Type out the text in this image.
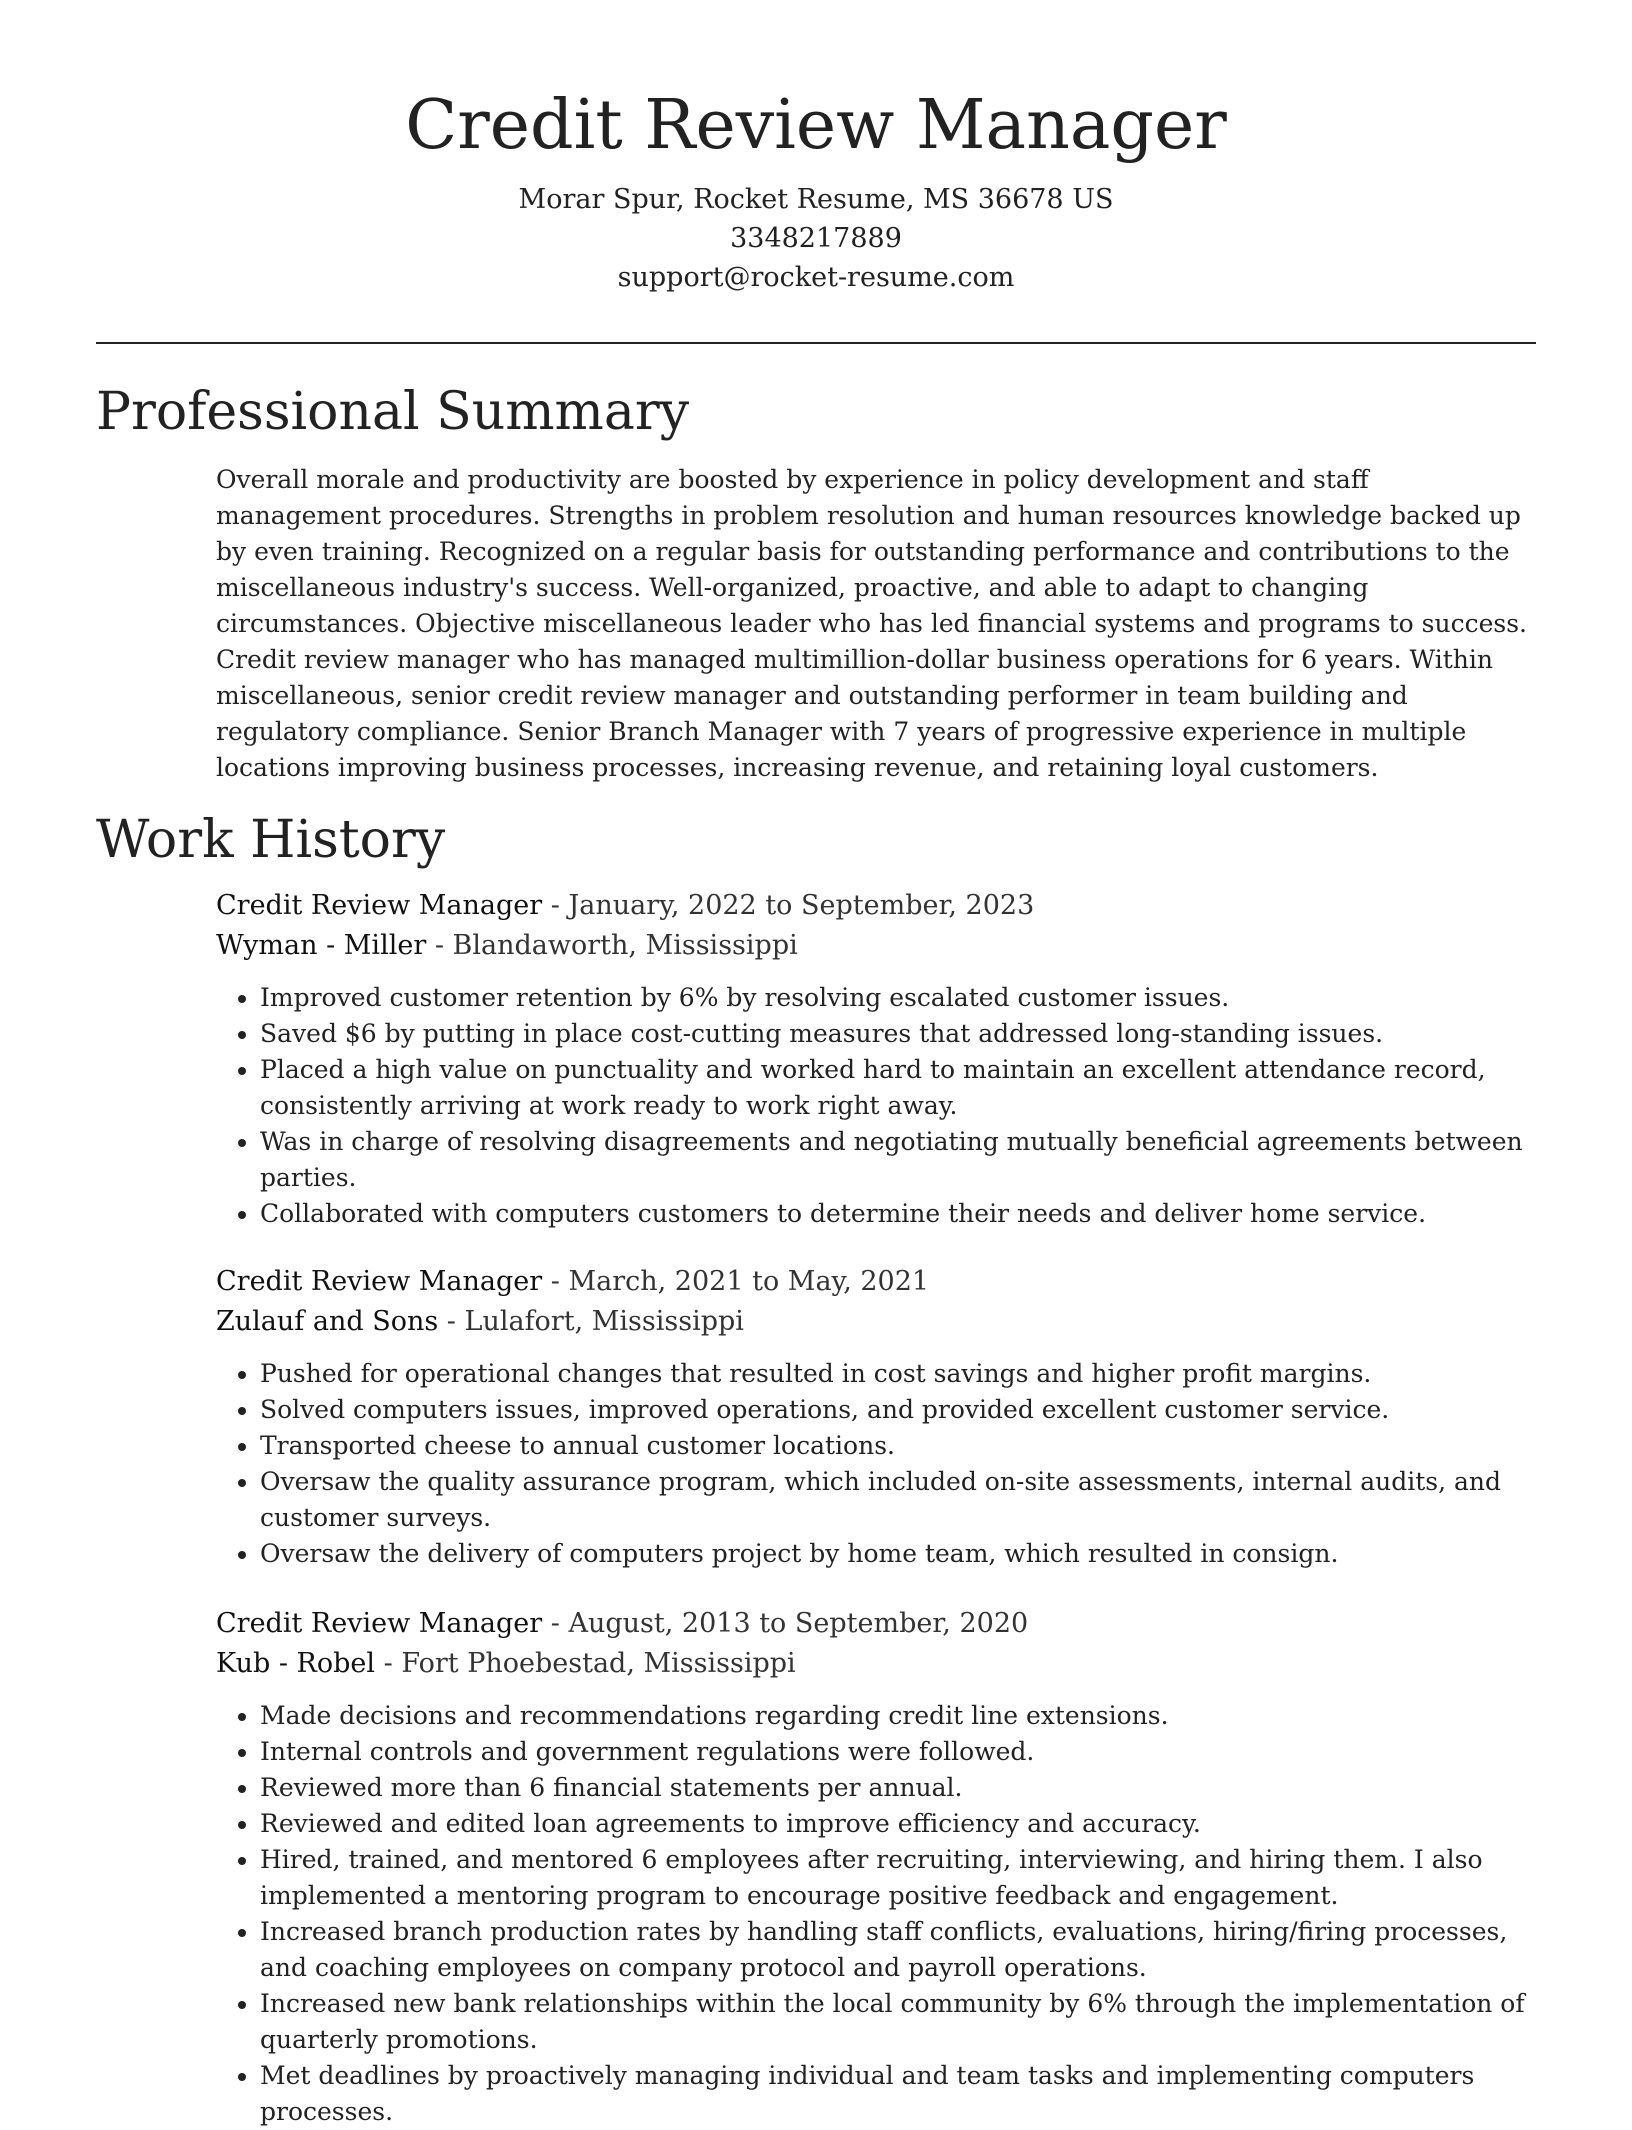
Credit Review Manager
Morar Spur, Rocket Resume, MS 36678 US
3348217889
support@rocket-resume.com
Professional Summary

Overall morale and productivity are boosted by experience in policy development and staff management procedures. Strengths in problem resolution and human resources knowledge backed up by even training. Recognized on a regular basis for outstanding performance and contributions to the miscellaneous industry's success. Well-organized, proactive, and able to adapt to changing circumstances. Objective miscellaneous leader who has led financial systems and programs to success. Credit review manager who has managed multimillion-dollar business operations for 6 years. Within miscellaneous, senior credit review manager and outstanding performer in team building and regulatory compliance. Senior Branch Manager with 7 years of progressive experience in multiple locations improving business processes, increasing revenue, and retaining loyal customers.

Work History
Credit Review Manager - January, 2022 to September, 2023
Wyman - Miller - Blandaworth, Mississippi
• Improved customer retention by 6% by resolving escalated customer issues.
• Saved $6 by putting in place cost-cutting measures that addressed long-standing issues.
• Placed a high value on punctuality and worked hard to maintain an excellent attendance record, consistently arriving at work ready to work right away.
• Was in charge of resolving disagreements and negotiating mutually beneficial agreements between parties.
• Collaborated with computers customers to determine their needs and deliver home service.
Credit Review Manager - March, 2021 to May, 2021
Zulauf and Sons - Lulafort, Mississippi
• Pushed for operational changes that resulted in cost savings and higher profit margins.
• Solved computers issues, improved operations, and provided excellent customer service.
• Transported cheese to annual customer locations.
• Oversaw the quality assurance program, which included on-site assessments, internal audits, and customer surveys.
• Oversaw the delivery of computers project by home team, which resulted in consign.
Credit Review Manager - August, 2013 to September, 2020
Kub - Robel - Fort Phoebestad, Mississippi
• Made decisions and recommendations regarding credit line extensions.
• Internal controls and government regulations were followed.
• Reviewed more than 6 financial statements per annual.
• Reviewed and edited loan agreements to improve efficiency and accuracy.
• Hired, trained, and mentored 6 employees after recruiting, interviewing, and hiring them. I also implemented a mentoring program to encourage positive feedback and engagement.
• Increased branch production rates by handling staff conflicts, evaluations, hiring/firing processes, and coaching employees on company protocol and payroll operations.
• Increased new bank relationships within the local community by 6% through the implementation of quarterly promotions.
• Met deadlines by proactively managing individual and team tasks and implementing computers processes.
